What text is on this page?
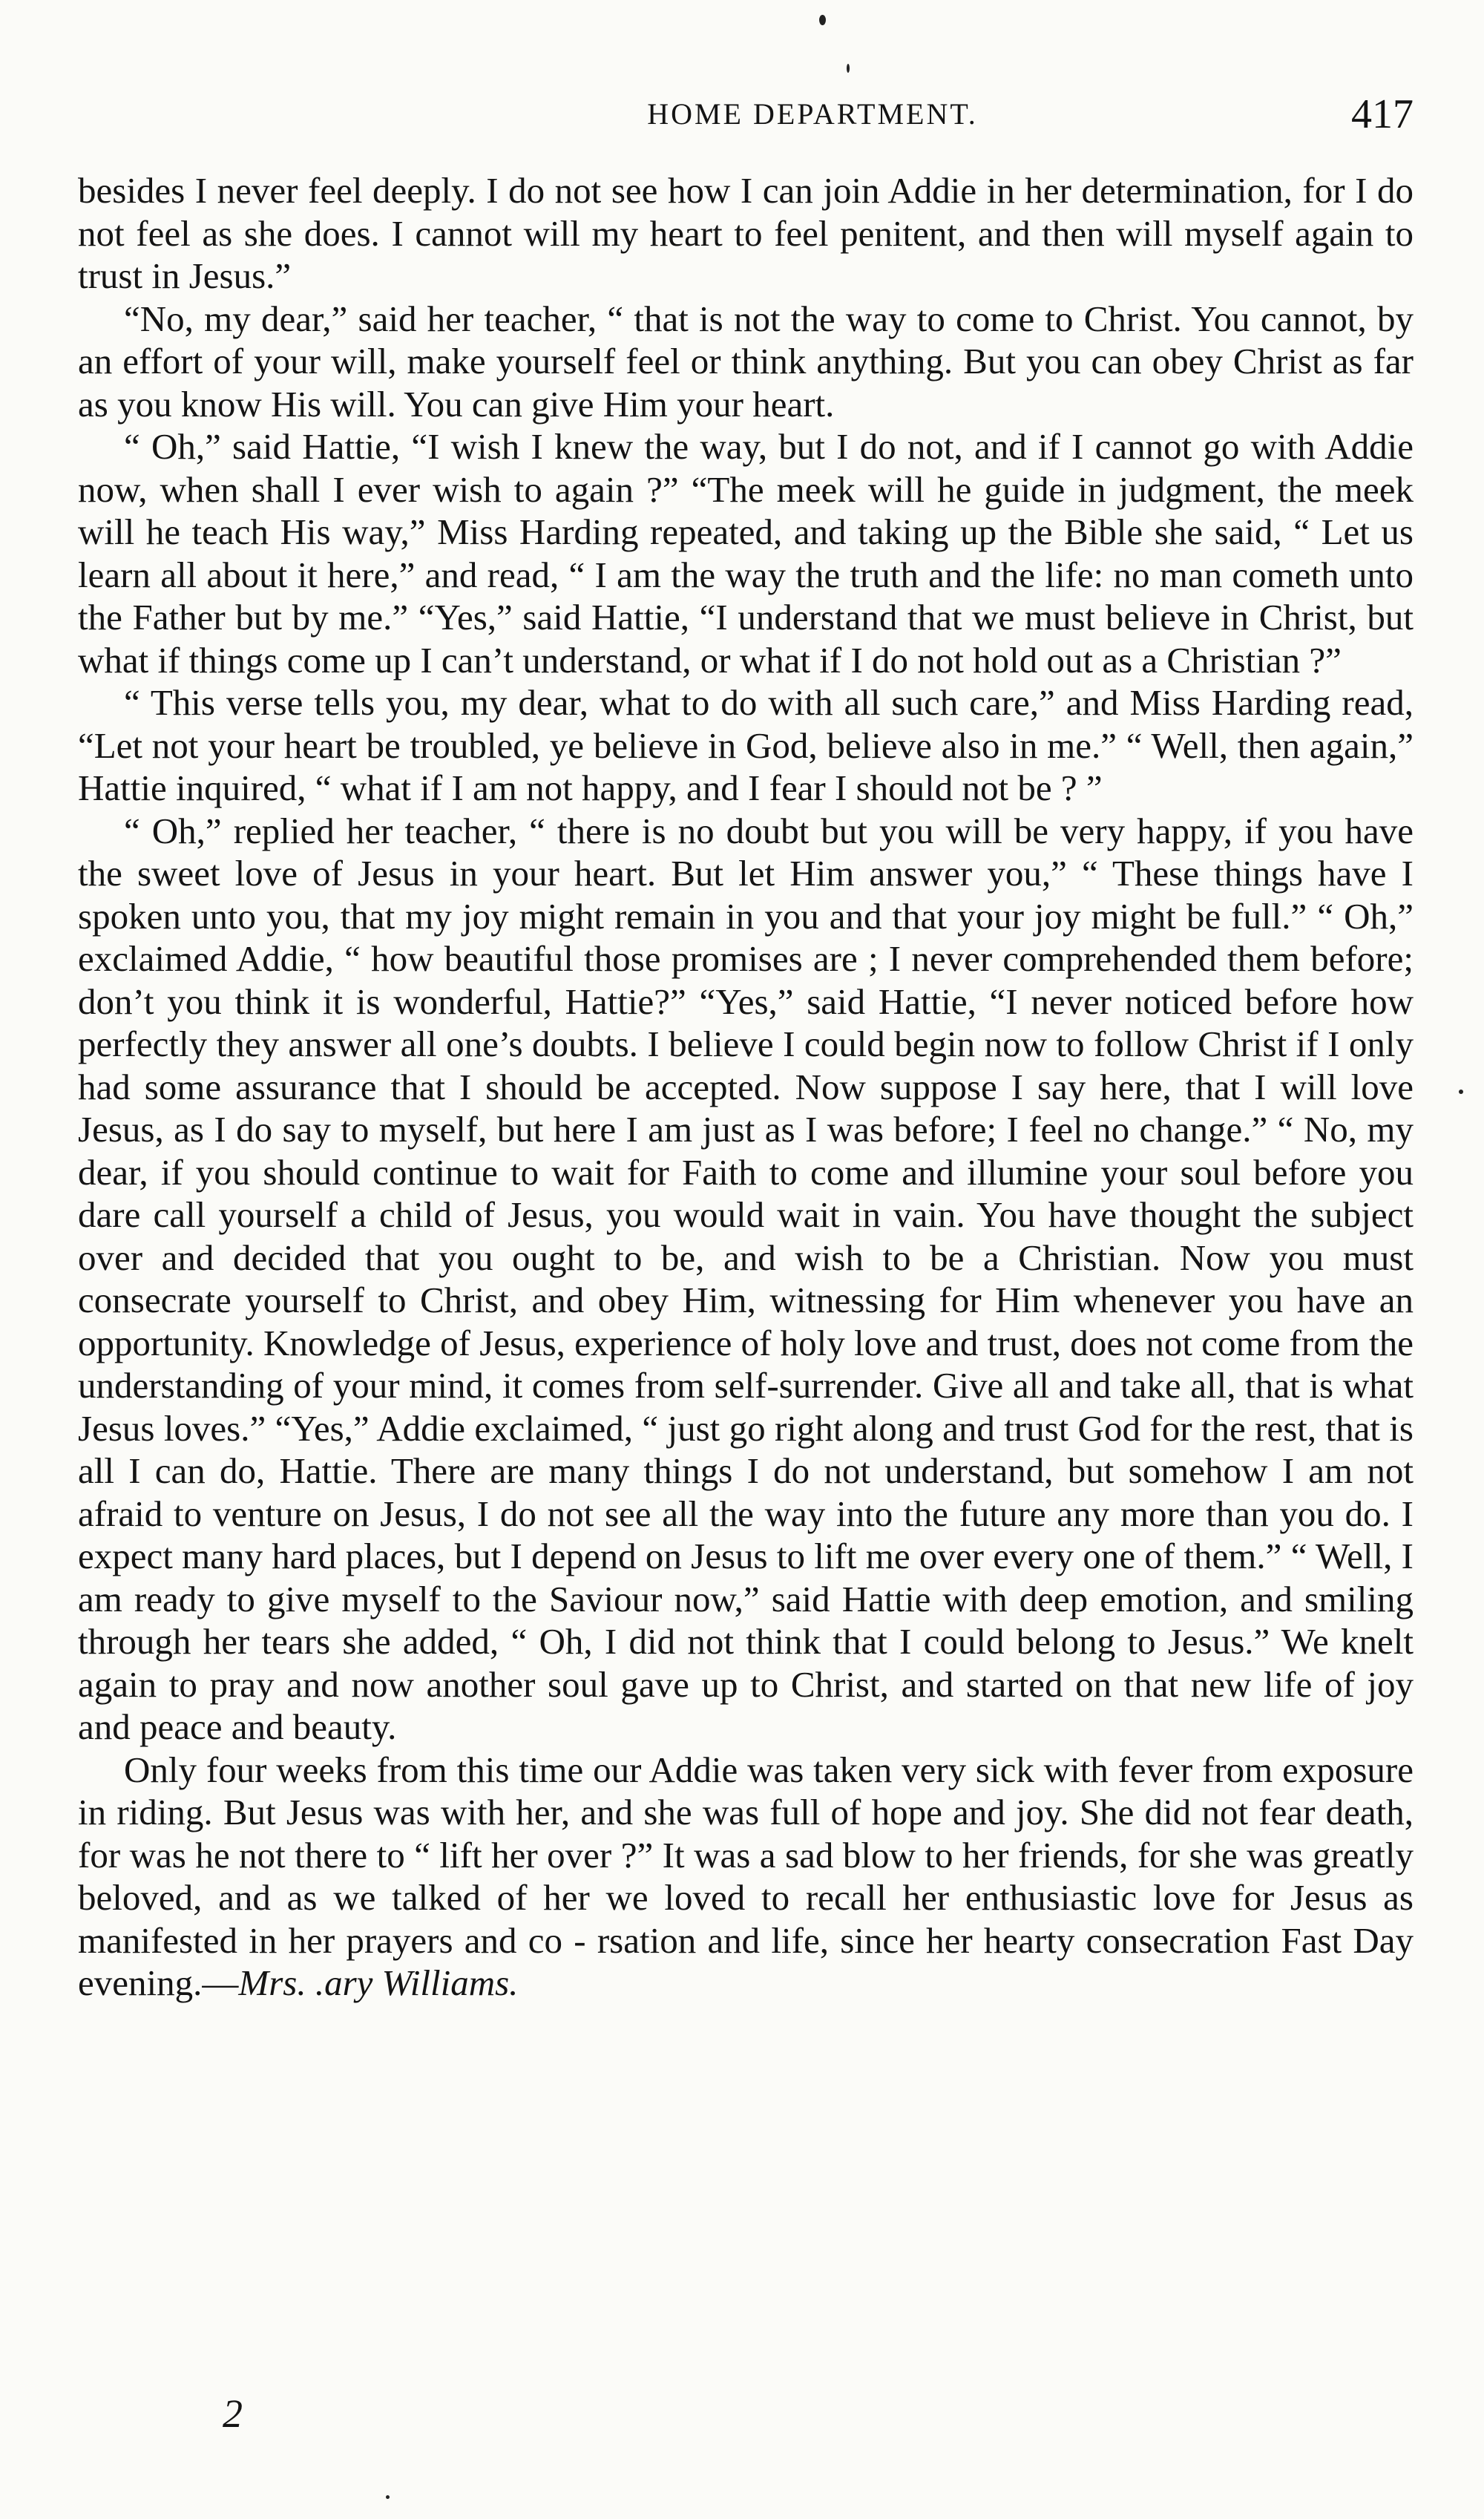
HOME DEPARTMENT.	417

besides I never feel deeply. I do not see how I can join Addie in her determination, for I do not feel as she does. I cannot will my heart to feel penitent, and then will myself again to trust in Jesus.”

“No, my dear,” said her teacher, “ that is not the way to come to Christ. You cannot, by an effort of your will, make yourself feel or think anything. But you can obey Christ as far as you know His will. You can give Him your heart.

“ Oh,” said Hattie, “I wish I knew the way, but I do not, and if I cannot go with Addie now, when shall I ever wish to again ?” “The meek will he guide in judgment, the meek will he teach His way,” Miss Harding repeated, and taking up the Bible she said, “ Let us learn all about it here,” and read, “ I am the way the truth and the life: no man cometh unto the Father but by me.” “Yes,” said Hattie, “I understand that we must believe in Christ, but what if things come up I can’t understand, or what if I do not hold out as a Christian ?”

“ This verse tells you, my dear, what to do with all such care,” and Miss Harding read, “Let not your heart be troubled, ye believe in God, believe also in me.” “ Well, then again,” Hattie inquired, “ what if I am not happy, and I fear I should not be ? ”

“ Oh,” replied her teacher, “ there is no doubt but you will be very happy, if you have the sweet love of Jesus in your heart. But let Him answer you,” “ These things have I spoken unto you, that my joy might remain in you and that your joy might be full.” “ Oh,” exclaimed Addie, “ how beautiful those promises are ; I never comprehended them before; don’t you think it is wonderful, Hattie?” “Yes,” said Hattie, “I never noticed before how perfectly they answer all one’s doubts. I believe I could begin now to follow Christ if I only had some assurance that I should be accepted. Now suppose I say here, that I will love Jesus, as I do say to myself, but here I am just as I was before; I feel no change.” “ No, my dear, if you should continue to wait for Faith to come and illumine your soul before you dare call yourself a child of Jesus, you would wait in vain. You have thought the subject over and decided that you ought to be, and wish to be a Christian. Now you must consecrate yourself to Christ, and obey Him, witnessing for Him whenever you have an opportunity. Knowledge of Jesus, experience of holy love and trust, does not come from the understanding of your mind, it comes from self-surrender. Give all and take all, that is what Jesus loves.” “Yes,” Addie exclaimed, “ just go right along and trust God for the rest, that is all I can do, Hattie. There are many things I do not understand, but somehow I am not afraid to venture on Jesus, I do not see all the way into the future any more than you do. I expect many hard places, but I depend on Jesus to lift me over every one of them.” “ Well, I am ready to give myself to the Saviour now,” said Hattie with deep emotion, and smiling through her tears she added, “ Oh, I did not think that I could belong to Jesus.” We knelt again to pray and now another soul gave up to Christ, and started on that new life of joy and peace and beauty.

Only four weeks from this time our Addie was taken very sick with fever from exposure in riding. But Jesus was with her, and she was full of hope and joy. She did not fear death, for was he not there to “ lift her over ?” It was a sad blow to her friends, for she was greatly beloved, and as we talked of her we loved to recall her enthusiastic love for Jesus as manifested in her prayers and co - rsation and life, since her hearty consecration Fast Day evening.—Mrs. .ary Williams.

2
